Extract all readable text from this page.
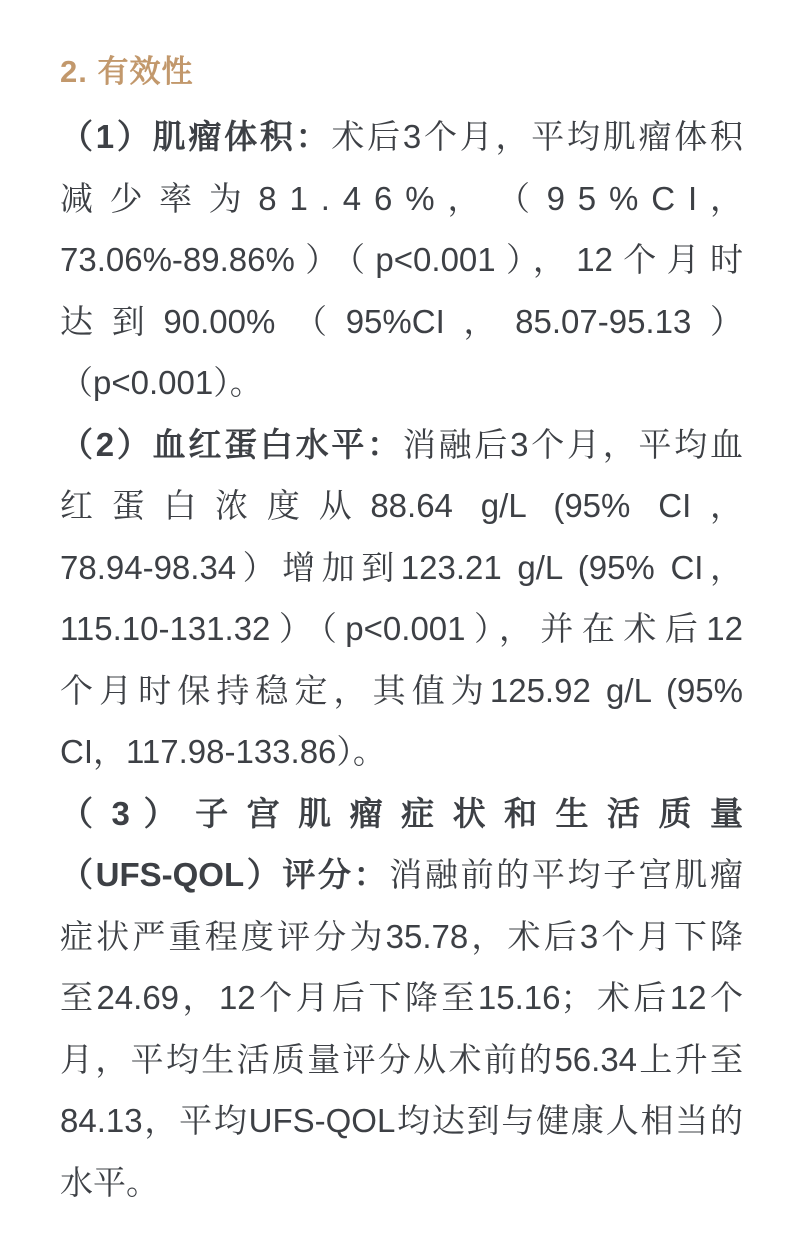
2. 有效性

（1）肌瘤体积：术后3个月，平均肌瘤体积
减 少 率 为 8 1 . 4 6 % ， （ 9 5 % C I ，
73.06%-89.86%）（p<0.001），12个月时
达到90.00%（95%CI，85.07-95.13）
（p<0.001）。

（2）血红蛋白水平：消融后3个月，平均血
红蛋白浓度从88.64 g/L (95% CI，
78.94-98.34）增加到123.21 g/L (95% CI，
115.10-131.32）（p<0.001），并在术后12
个月时保持稳定，其值为125.92 g/L (95%
CI，117.98-133.86）。

（ 3 ） 子 宫 肌 瘤 症 状 和 生 活 质 量
（UFS-QOL）评分：消融前的平均子宫肌瘤
症状严重程度评分为35.78，术后3个月下降
至24.69，12个月后下降至15.16；术后12个
月，平均生活质量评分从术前的56.34上升至
84.13，平均UFS-QOL均达到与健康人相当的
水平。
